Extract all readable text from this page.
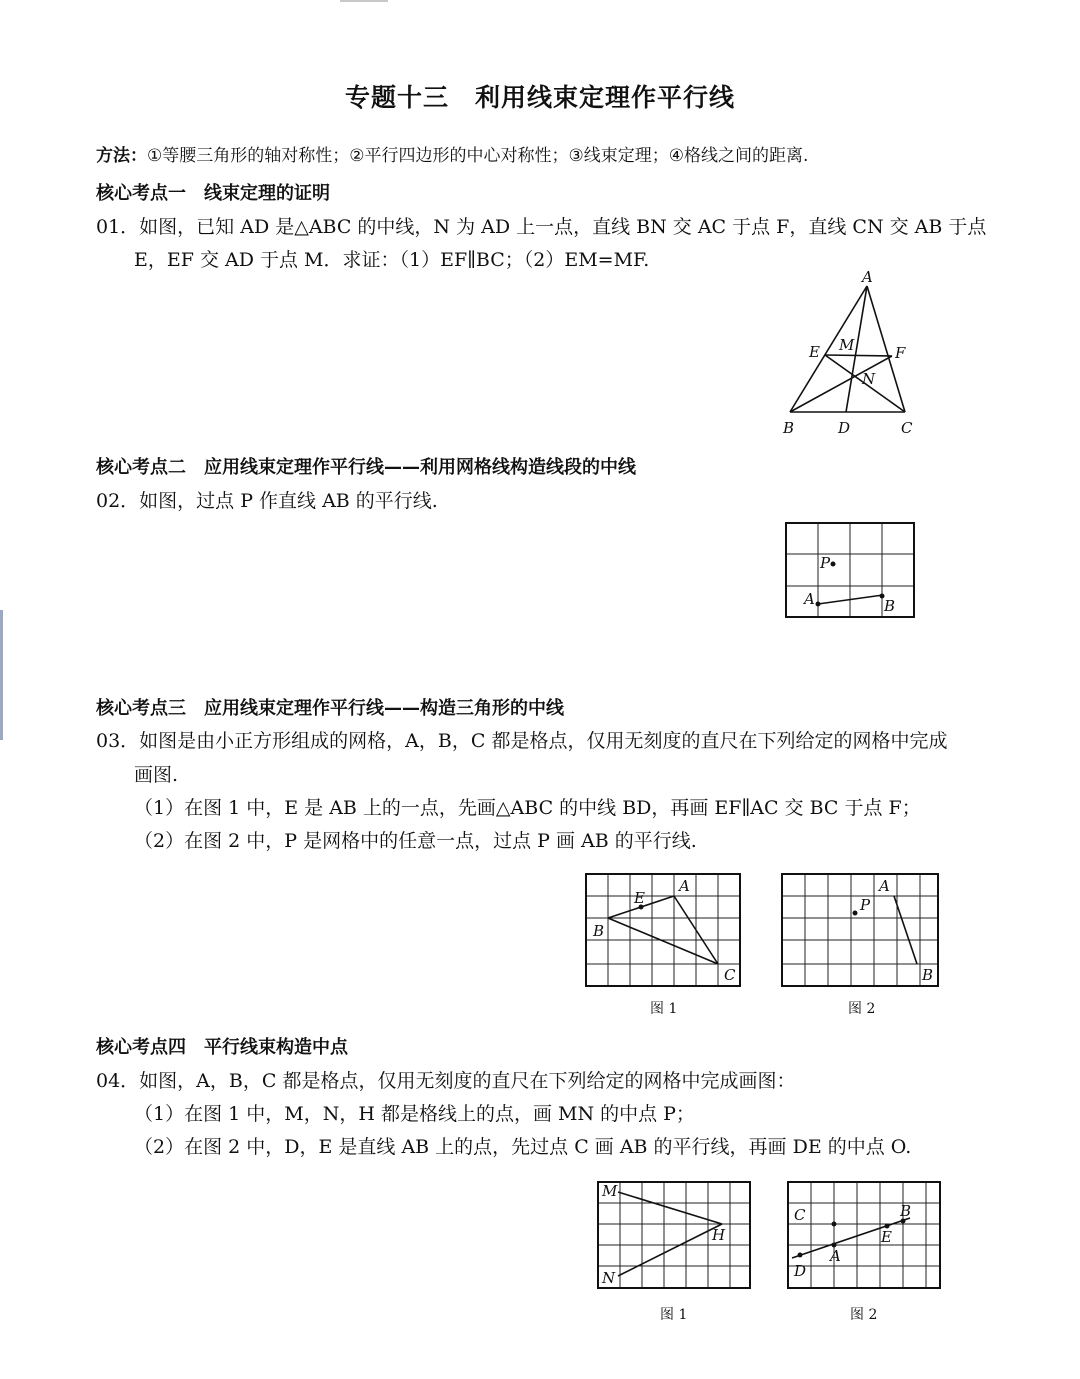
专题十三　利用线束定理作平行线
方法：①等腰三角形的轴对称性；②平行四边形的中心对称性；③线束定理；④格线之间的距离.
核心考点一　线束定理的证明
01．如图，已知 AD 是△ABC 的中线，N 为 AD 上一点，直线 BN 交 AC 于点 F，直线 CN 交 AB 于点
E，EF 交 AD 于点 M．求证：（1）EF∥BC；（2）EM=MF.
A
B	C
D
E	F
M
N
核心考点二　应用线束定理作平行线——利用网格线构造线段的中线
02．如图，过点 P 作直线 AB 的平行线.
P
A	B
核心考点三　应用线束定理作平行线——构造三角形的中线
03．如图是由小正方形组成的网格，A，B，C 都是格点，仅用无刻度的直尺在下列给定的网格中完成
画图.
（1）在图 1 中，E 是 AB 上的一点，先画△ABC 的中线 BD，再画 EF∥AC 交 BC 于点 F；
（2）在图 2 中，P 是网格中的任意一点，过点 P 画 AB 的平行线.
E
A
B
C
图 1
A
P
B
图 2
核心考点四　平行线束构造中点
04．如图，A，B，C 都是格点，仅用无刻度的直尺在下列给定的网格中完成画图：
（1）在图 1 中，M，N，H 都是格线上的点，画 MN 的中点 P；
（2）在图 2 中，D，E 是直线 AB 上的点，先过点 C 画 AB 的平行线，再画 DE 的中点 O.
M
H
N
图 1
C	B
E
A
D
图 2
